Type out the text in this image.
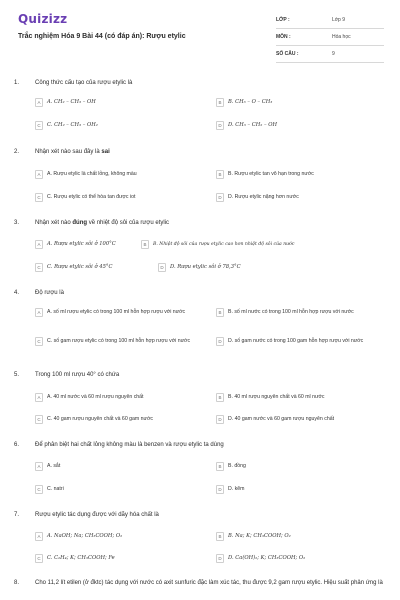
Quizizz
Trắc nghiệm Hóa 9 Bài 44 (có đáp án): Rượu etylic
LỚP :	Lớp 9
MÔN :	Hóa học
SỐ CÂU :	9
1.	Công thức cấu tạo của rượu etylic là
A	A. CH₂ – CH₃ – OH	B	B. CH₃ – O – CH₃
C	C. CH₂ – CH₃ – OH₂	D	D. CH₃ – CH₂ – OH
2.	Nhận xét nào sau đây là sai
A	A. Rượu etylic là chất lỏng, không màu	B	B. Rượu etylic tan vô hạn trong nước
C	C. Rượu etylic có thể hòa tan được iot	D	D. Rượu etylic nặng hơn nước
3.	Nhận xét nào đúng về nhiệt độ sôi của rượu etylic
A	A. Rượu etylic sôi ở 100°C	B	B. Nhiệt độ sôi của rượu etylic cao hơn nhiệt độ sôi của nước
C	C. Rượu etylic sôi ở 45°C	D	D. Rượu etylic sôi ở 78,3°C
4.	Độ rượu là
A	A. số ml rượu etylic có trong 100 ml hỗn hợp rượu với nước	B	B. số ml nước có trong 100 ml hỗn hợp rượu với nước
C	C. số gam rượu etylic có trong 100 ml hỗn hợp rượu với nước	D	D. số gam nước có trong 100 gam hỗn hợp rượu với nước
5.	Trong 100 ml rượu 40° có chứa
A	A. 40 ml nước và 60 ml rượu nguyên chất	B	B. 40 ml rượu nguyên chất và 60 ml nước
C	C. 40 gam rượu nguyên chất và 60 gam nước	D	D. 40 gam nước và 60 gam rượu nguyên chất
6.	Để phân biệt hai chất lỏng không màu là benzen và rượu etylic ta dùng
A	A. sắt	B	B. đồng
C	C. natri	D	D. kẽm
7.	Rượu etylic tác dụng được với dãy hóa chất là
A	A. NaOH; Na; CH₃COOH; O₂	B	B. Na; K; CH₃COOH; O₂
C	C. C₂H₄; K; CH₃COOH; Fe	D	D. Ca(OH)₂; K; CH₃COOH; O₂
8.	Cho 11,2 lít etilen (ở đktc) tác dụng với nước có axit sunfuric đặc làm xúc tác, thu được 9,2 gam rượu etylic. Hiệu suất phản ứng là
